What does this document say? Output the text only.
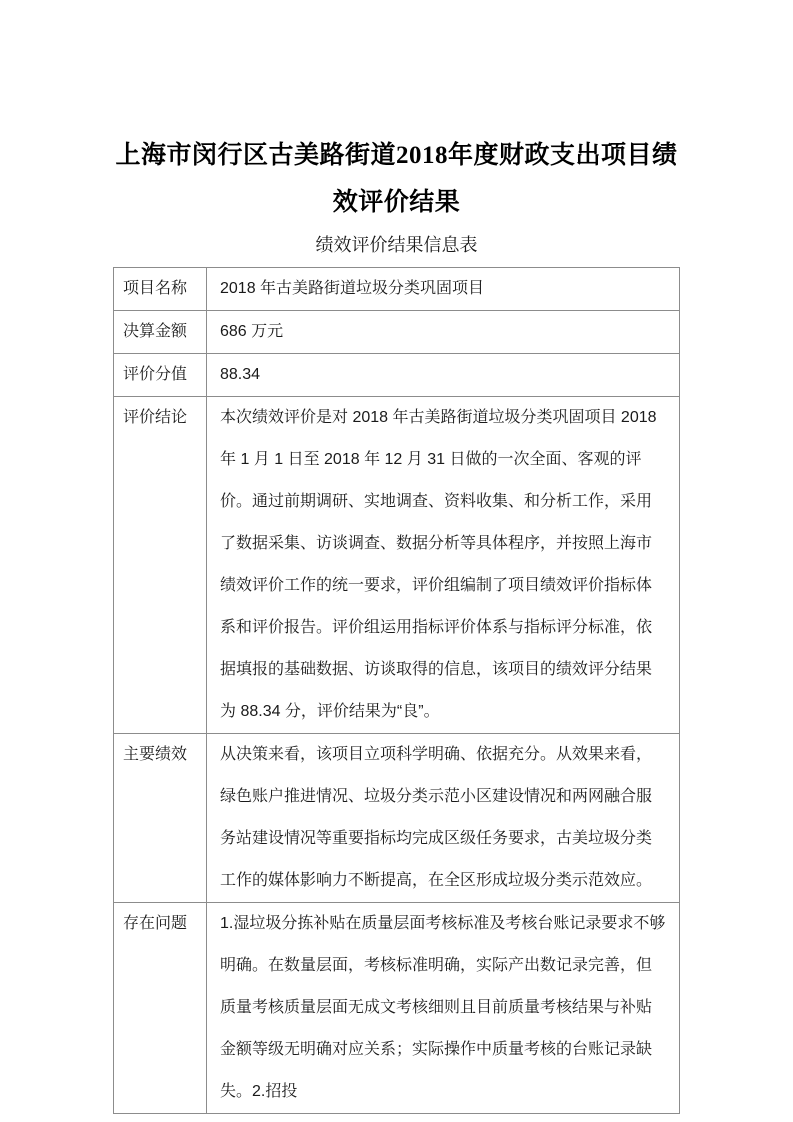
上海市闵行区古美路街道2018年度财政支出项目绩效评价结果
绩效评价结果信息表
项目名称	2018 年古美路街道垃圾分类巩固项目
决算金额	686 万元
评价分值	88.34
评价结论	本次绩效评价是对 2018 年古美路街道垃圾分类巩固项目 2018 年 1 月 1 日至 2018 年 12 月 31 日做的一次全面、客观的评价。通过前期调研、实地调查、资料收集、和分析工作，采用了数据采集、访谈调查、数据分析等具体程序，并按照上海市绩效评价工作的统一要求，评价组编制了项目绩效评价指标体系和评价报告。评价组运用指标评价体系与指标评分标准，依据填报的基础数据、访谈取得的信息，该项目的绩效评分结果为 88.34 分，评价结果为“良”。
主要绩效	从决策来看，该项目立项科学明确、依据充分。从效果来看，绿色账户推进情况、垃圾分类示范小区建设情况和两网融合服务站建设情况等重要指标均完成区级任务要求，古美垃圾分类工作的媒体影响力不断提高，在全区形成垃圾分类示范效应。
存在问题	1.湿垃圾分拣补贴在质量层面考核标准及考核台账记录要求不够明确。在数量层面，考核标准明确，实际产出数记录完善，但质量考核质量层面无成文考核细则且目前质量考核结果与补贴金额等级无明确对应关系；实际操作中质量考核的台账记录缺失。2.招投
